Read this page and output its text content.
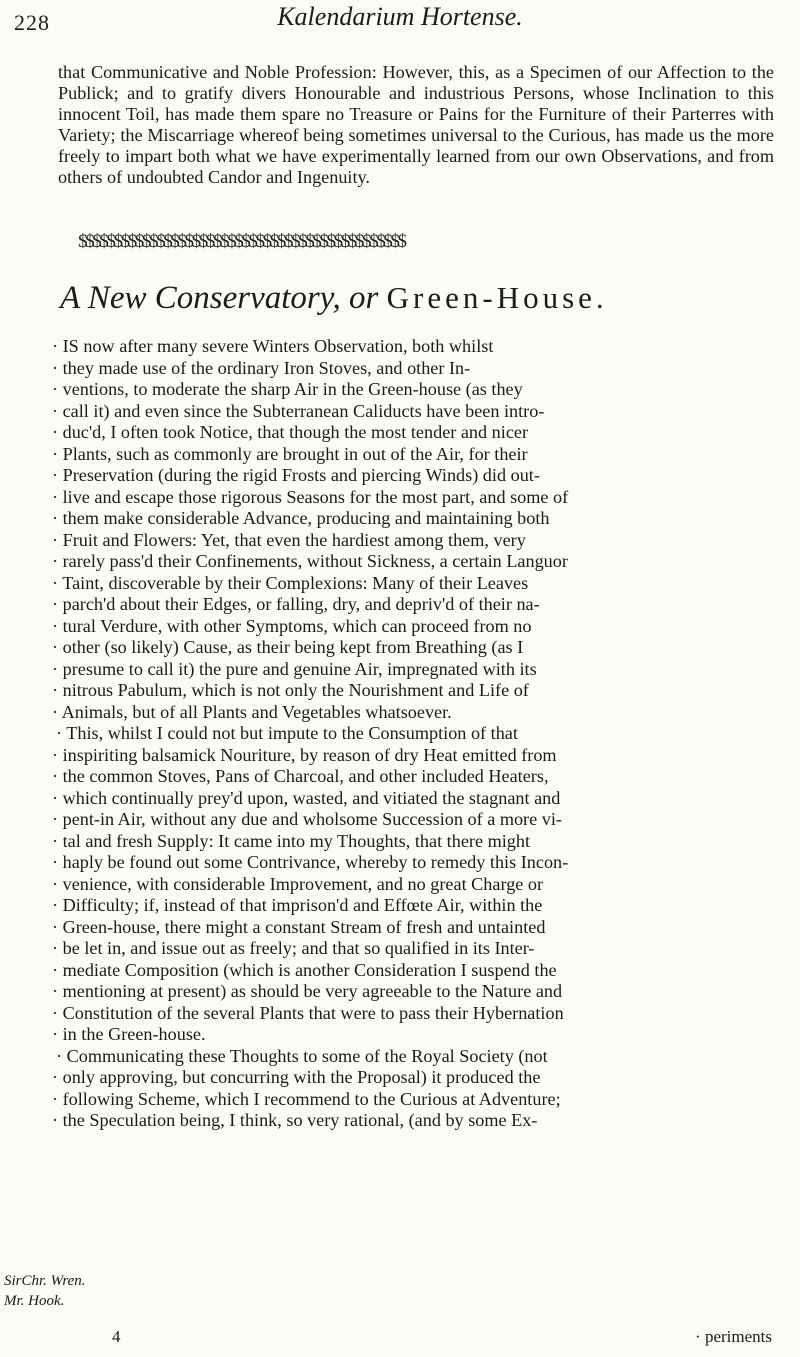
228	Kalendarium Hortense.
that Communicative and Noble Profession: However, this, as a Specimen of our Affection to the Publick; and to gratify divers Honourable and industrious Persons, whose Inclination to this innocent Toil, has made them spare no Treasure or Pains for the Furniture of their Parterres with Variety; the Miscarriage whereof being sometimes universal to the Curious, has made us the more freely to impart both what we have experimentally learned from our own Observations, and from others of undoubted Candor and Ingenuity.
$$$$$$$$$$$$$$$$$$$$$$$$$$$$$$$$$$$$$$$$$$$$$$
A New Conservatory, or Green-House.
· IS now after many severe Winters Observation, both whilst
· they made use of the ordinary Iron Stoves, and other In-
· ventions, to moderate the sharp Air in the Green-house (as they
· call it) and even since the Subterranean Caliducts have been intro-
· duc'd, I often took Notice, that though the most tender and nicer
· Plants, such as commonly are brought in out of the Air, for their
· Preservation (during the rigid Frosts and piercing Winds) did out-
· live and escape those rigorous Seasons for the most part, and some of
· them make considerable Advance, producing and maintaining both
· Fruit and Flowers: Yet, that even the hardiest among them, very
· rarely pass'd their Confinements, without Sickness, a certain Languor
· Taint, discoverable by their Complexions: Many of their Leaves
· parch'd about their Edges, or falling, dry, and depriv'd of their na-
· tural Verdure, with other Symptoms, which can proceed from no
· other (so likely) Cause, as their being kept from Breathing (as I
· presume to call it) the pure and genuine Air, impregnated with its
· nitrous Pabulum, which is not only the Nourishment and Life of
· Animals, but of all Plants and Vegetables whatsoever.
· This, whilst I could not but impute to the Consumption of that
· inspiriting balsamick Nouriture, by reason of dry Heat emitted from
· the common Stoves, Pans of Charcoal, and other included Heaters,
· which continually prey'd upon, wasted, and vitiated the stagnant and
· pent-in Air, without any due and wholsome Succession of a more vi-
· tal and fresh Supply: It came into my Thoughts, that there might
· haply be found out some Contrivance, whereby to remedy this Incon-
· venience, with considerable Improvement, and no great Charge or
· Difficulty; if, instead of that imprison'd and Effœte Air, within the
· Green-house, there might a constant Stream of fresh and untainted
· be let in, and issue out as freely; and that so qualified in its Inter-
· mediate Composition (which is another Consideration I suspend the
· mentioning at present) as should be very agreeable to the Nature and
· Constitution of the several Plants that were to pass their Hybernation
· in the Green-house.
· Communicating these Thoughts to some of the Royal Society (not
· only approving, but concurring with the Proposal) it produced the
· following Scheme, which I recommend to the Curious at Adventure;
· the Speculation being, I think, so very rational, (and by some Ex-
SirChr. Wren.
Mr. Hook.
4	· periments
